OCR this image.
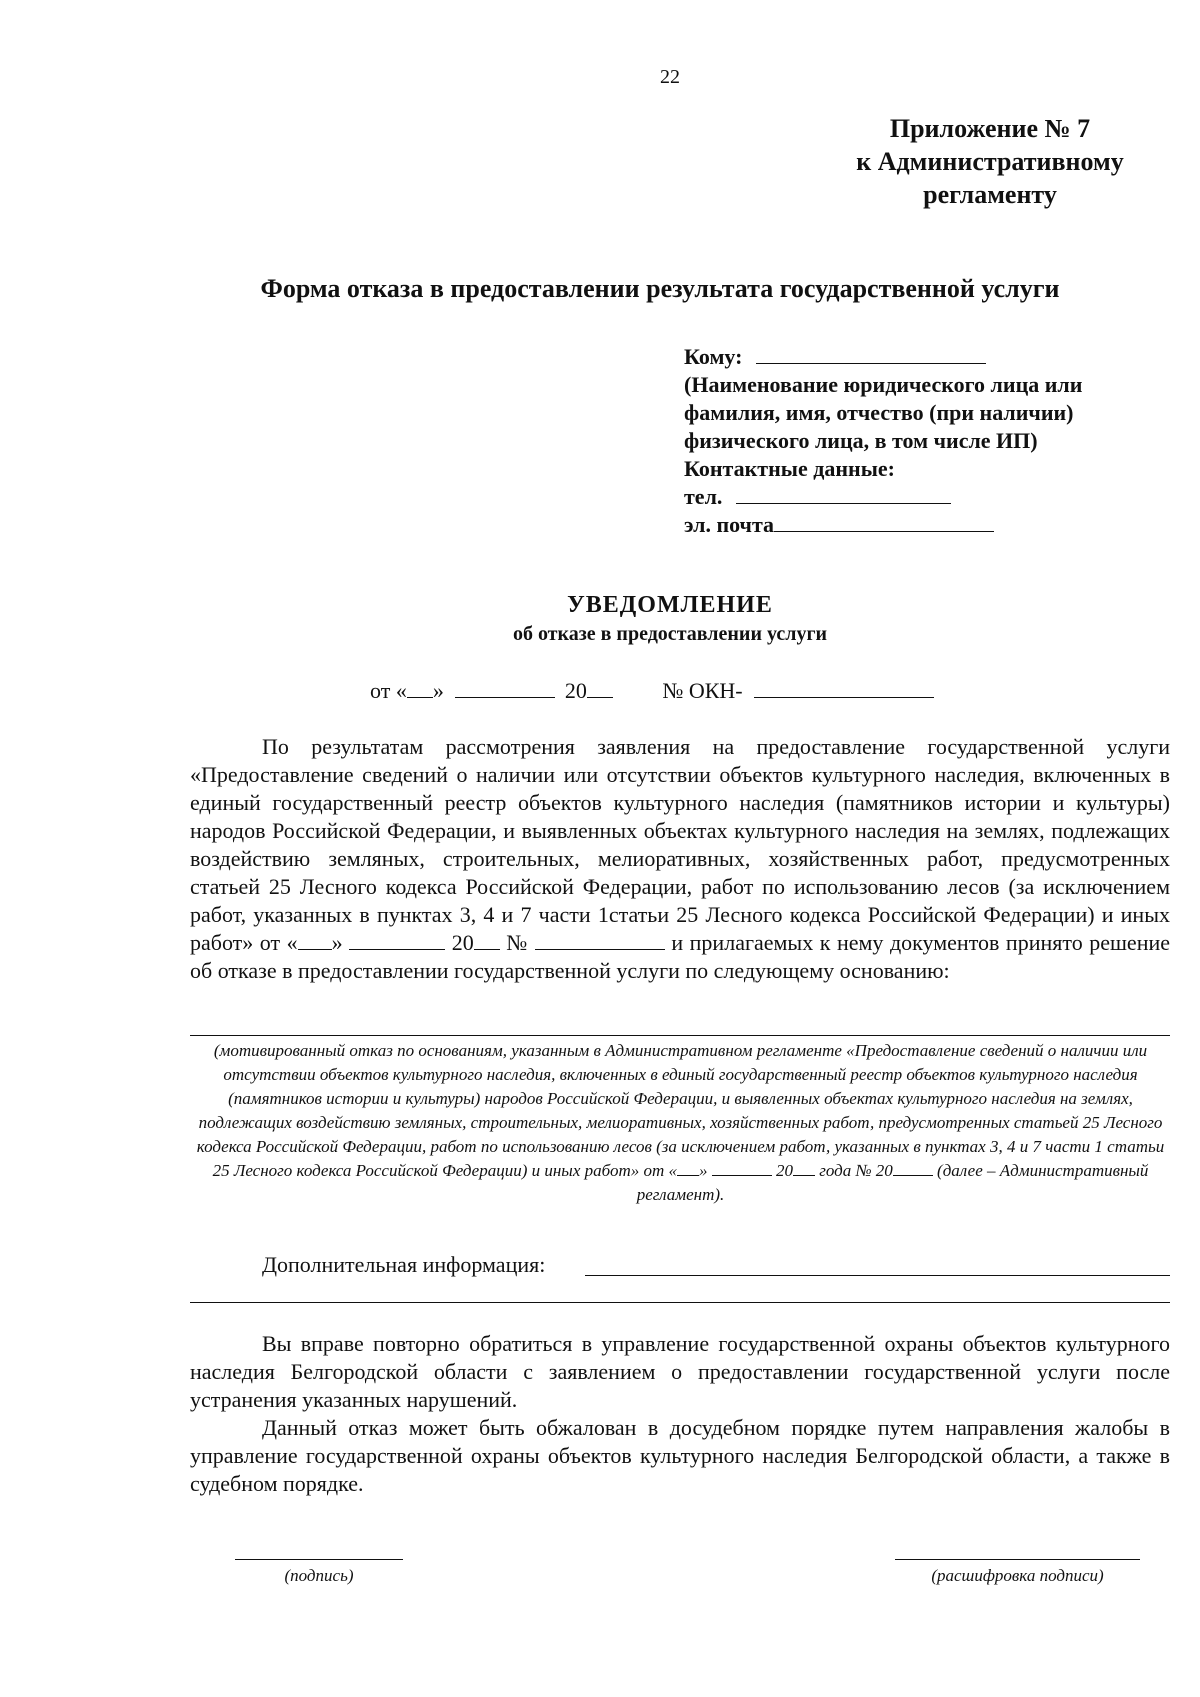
22
Приложение № 7
к Административному
регламенту
Форма отказа в предоставлении результата государственной услуги
Кому:
(Наименование юридического лица или
фамилия, имя, отчество (при наличии)
физического лица, в том числе ИП)
Контактные данные:
тел.
эл. почта
УВЕДОМЛЕНИЕ
об отказе в предоставлении услуги
от « »	20	№ ОКН-
По результатам рассмотрения заявления на предоставление государственной услуги «Предоставление сведений о наличии или отсутствии объектов культурного наследия, включенных в единый государственный реестр объектов культурного наследия (памятников истории и культуры) народов Российской Федерации, и выявленных объектах культурного наследия на землях, подлежащих воздействию земляных, строительных, мелиоративных, хозяйственных работ, предусмотренных статьей 25 Лесного кодекса Российской Федерации, работ по использованию лесов (за исключением работ, указанных в пунктах 3, 4 и 7 части 1статьи 25 Лесного кодекса Российской Федерации) и иных работ» от « »	20 №	и прилагаемых к нему документов принято решение об отказе в предоставлении государственной услуги по следующему основанию:
(мотивированный отказ по основаниям, указанным в Административном регламенте «Предоставление сведений о наличии или отсутствии объектов культурного наследия, включенных в единый государственный реестр объектов культурного наследия (памятников истории и культуры) народов Российской Федерации, и выявленных объектах культурного наследия на землях, подлежащих воздействию земляных, строительных, мелиоративных, хозяйственных работ, предусмотренных статьей 25 Лесного кодекса Российской Федерации, работ по использованию лесов (за исключением работ, указанных в пунктах 3, 4 и 7 части 1 статьи 25 Лесного кодекса Российской Федерации) и иных работ» от « »	20 года № 20	(далее – Административный регламент).
Дополнительная информация:
Вы вправе повторно обратиться в управление государственной охраны объектов культурного наследия Белгородской области с заявлением о предоставлении государственной услуги после устранения указанных нарушений.
Данный отказ может быть обжалован в досудебном порядке путем направления жалобы в управление государственной охраны объектов культурного наследия Белгородской области, а также в судебном порядке.
(подпись)	(расшифровка подписи)
